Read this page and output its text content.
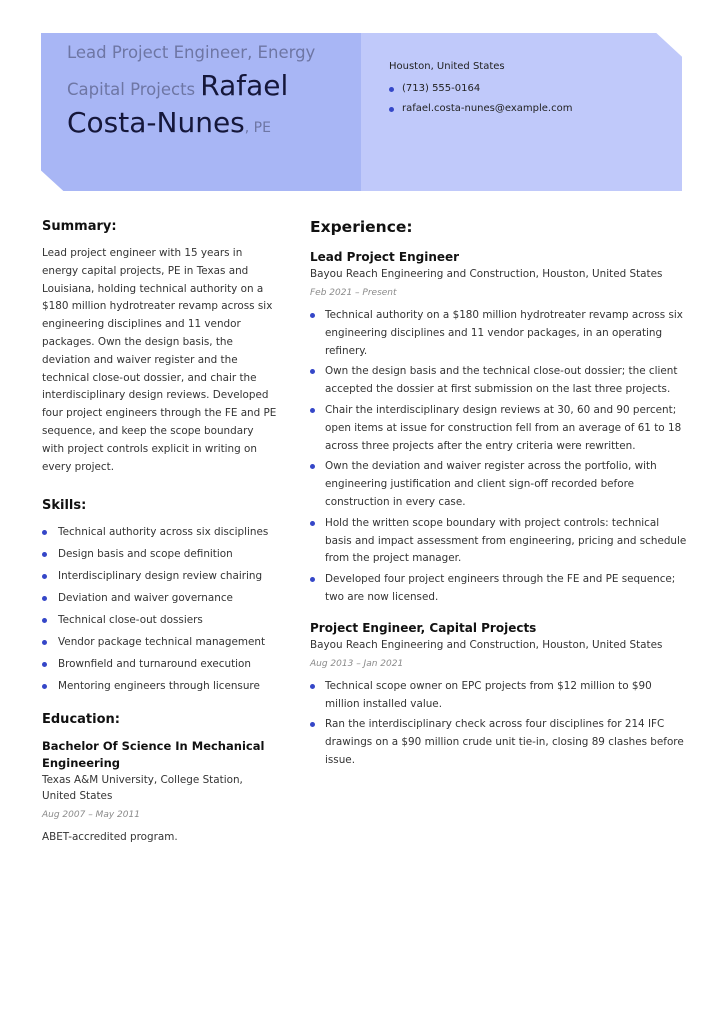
Lead Project Engineer, Energy Capital Projects Rafael Costa-Nunes, PE
Houston, United States
(713) 555-0164
rafael.costa-nunes@example.com
Summary:

Lead project engineer with 15 years in energy capital projects, PE in Texas and Louisiana, holding technical authority on a $180 million hydrotreater revamp across six engineering disciplines and 11 vendor packages. Own the design basis, the deviation and waiver register and the technical close-out dossier, and chair the interdisciplinary design reviews. Developed four project engineers through the FE and PE sequence, and keep the scope boundary with project controls explicit in writing on every project.

Skills:
Technical authority across six disciplines
Design basis and scope definition
Interdisciplinary design review chairing
Deviation and waiver governance
Technical close-out dossiers
Vendor package technical management
Brownfield and turnaround execution
Mentoring engineers through licensure
Education:
Bachelor Of Science In Mechanical Engineering
Texas A&M University, College Station, United States
Aug 2007 – May 2011
ABET-accredited program.
Experience:
Lead Project Engineer
Bayou Reach Engineering and Construction, Houston, United States
Feb 2021 – Present
Technical authority on a $180 million hydrotreater revamp across six engineering disciplines and 11 vendor packages, in an operating refinery.
Own the design basis and the technical close-out dossier; the client accepted the dossier at first submission on the last three projects.
Chair the interdisciplinary design reviews at 30, 60 and 90 percent; open items at issue for construction fell from an average of 61 to 18 across three projects after the entry criteria were rewritten.
Own the deviation and waiver register across the portfolio, with engineering justification and client sign-off recorded before construction in every case.
Hold the written scope boundary with project controls: technical basis and impact assessment from engineering, pricing and schedule from the project manager.
Developed four project engineers through the FE and PE sequence; two are now licensed.
Project Engineer, Capital Projects
Bayou Reach Engineering and Construction, Houston, United States
Aug 2013 – Jan 2021
Technical scope owner on EPC projects from $12 million to $90 million installed value.
Ran the interdisciplinary check across four disciplines for 214 IFC drawings on a $90 million crude unit tie-in, closing 89 clashes before issue.
